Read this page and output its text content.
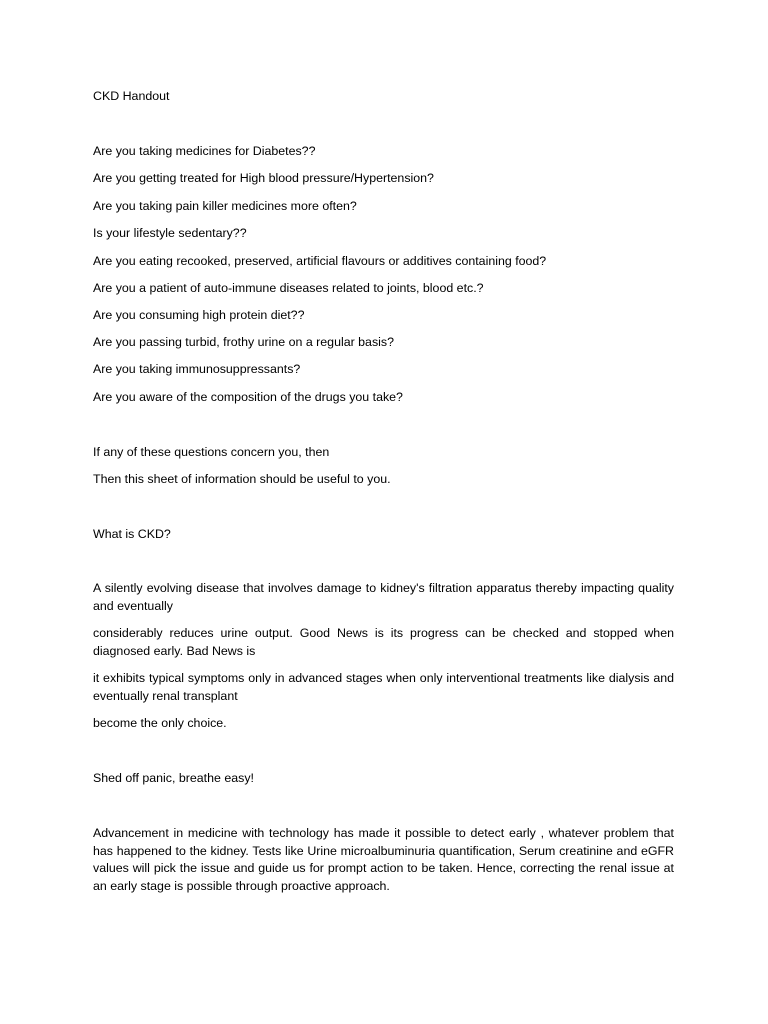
CKD Handout
Are you taking medicines for Diabetes??
Are you getting treated for High blood pressure/Hypertension?
Are you taking pain killer medicines more often?
Is your lifestyle sedentary??
Are you eating recooked, preserved, artificial flavours or additives containing food?
Are you a patient of auto-immune diseases related to joints, blood etc.?
Are you consuming high protein diet??
Are you passing turbid, frothy urine on a regular basis?
Are you taking immunosuppressants?
Are you aware of the composition of the drugs you take?
If any of these questions concern you, then
Then this sheet of information should be useful to you.
What is CKD?
A silently evolving disease that involves damage to kidney's filtration apparatus thereby impacting quality and eventually
considerably reduces urine output. Good News is its progress can be checked and stopped when diagnosed early. Bad News is
it exhibits typical symptoms only in advanced stages when only interventional treatments like dialysis and eventually renal transplant
become the only choice.
Shed off panic, breathe easy!
Advancement in medicine with technology has made it possible to detect early , whatever problem that has happened to the kidney. Tests like Urine microalbuminuria quantification, Serum creatinine and eGFR values will pick the issue and guide us for prompt action to be taken. Hence, correcting the renal issue at an early stage is possible through proactive approach.
